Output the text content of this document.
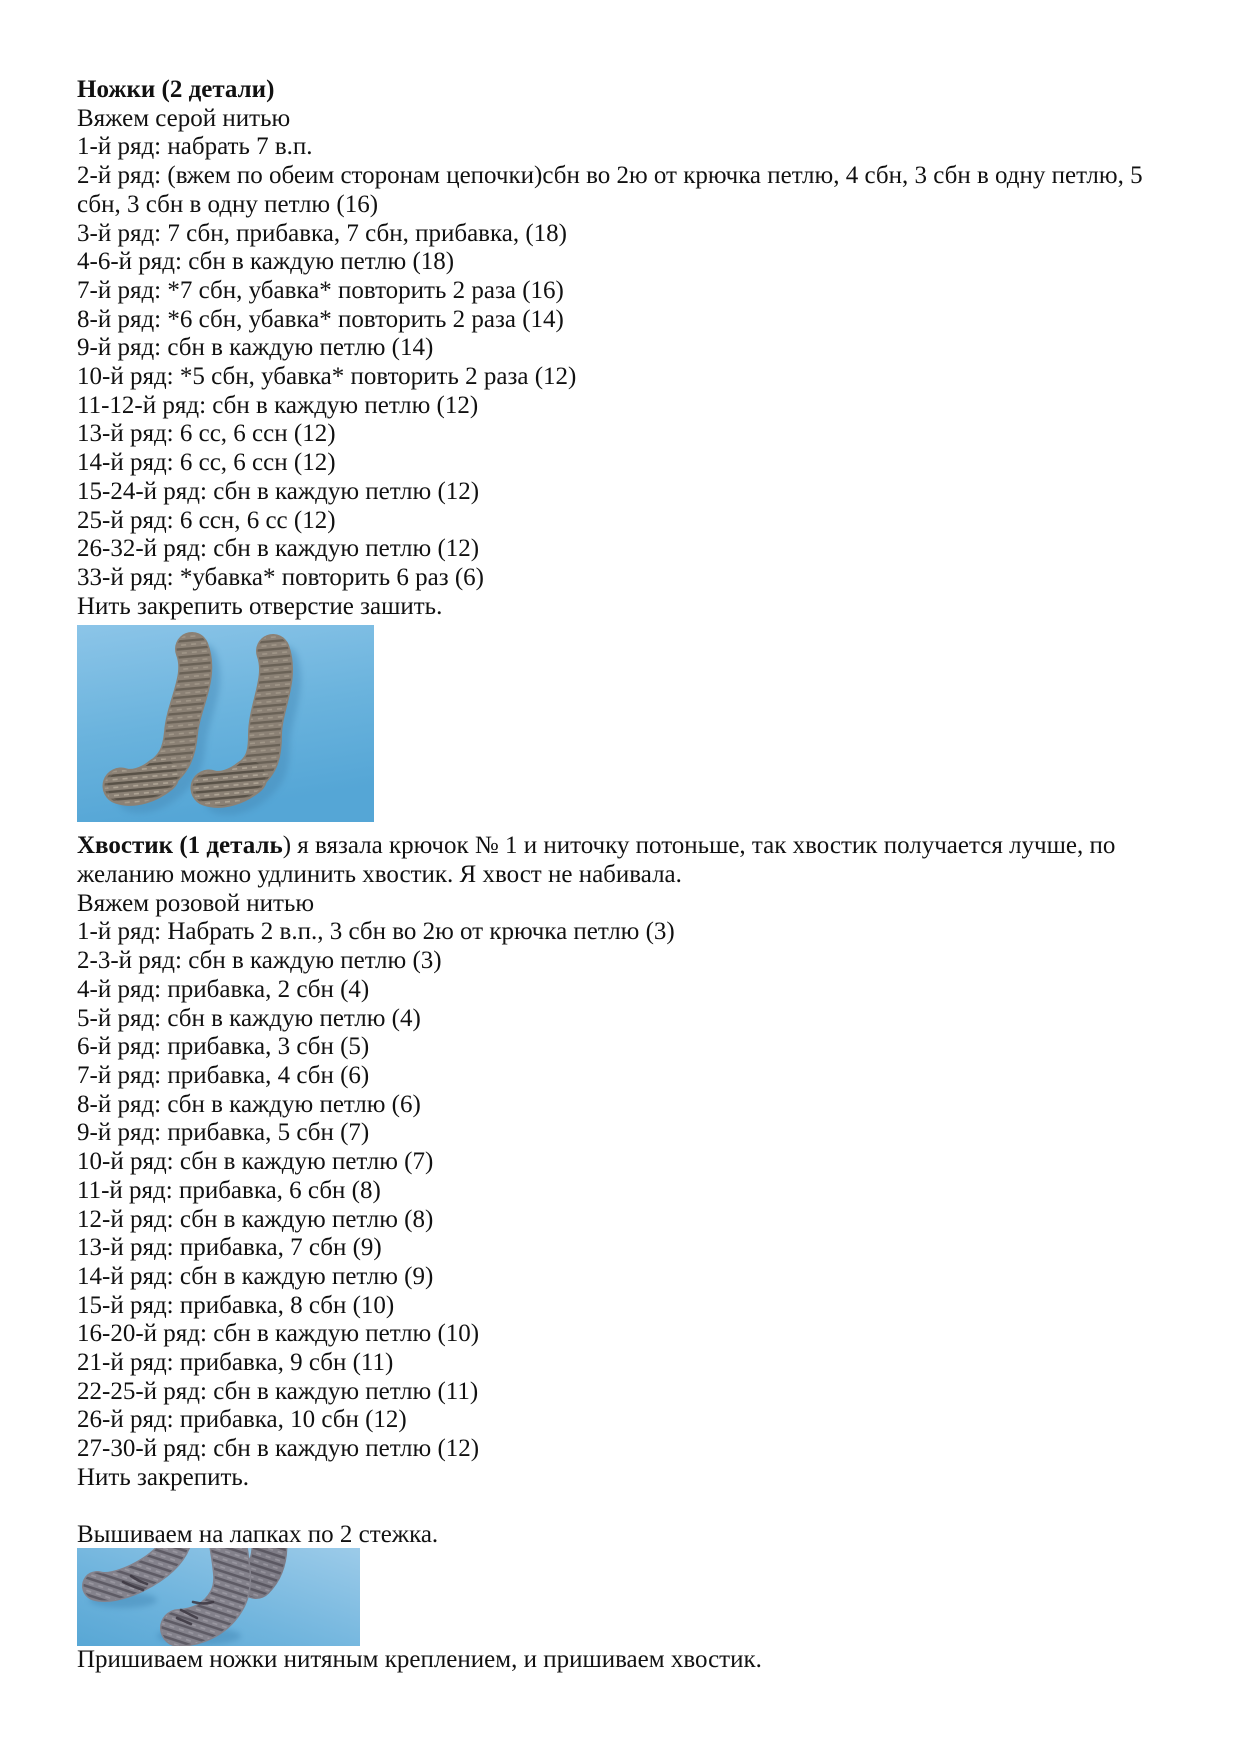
Ножки (2 детали)
Вяжем серой нитью
1-й ряд: набрать 7 в.п.
2-й ряд: (вжем по обеим сторонам цепочки)сбн во 2ю от крючка петлю, 4 сбн, 3 сбн в одну петлю, 5
сбн, 3 сбн в одну петлю (16)
3-й ряд: 7 сбн, прибавка, 7 сбн, прибавка, (18)
4-6-й ряд: сбн в каждую петлю (18)
7-й ряд: *7 сбн, убавка* повторить 2 раза (16)
8-й ряд: *6 сбн, убавка* повторить 2 раза (14)
9-й ряд: сбн в каждую петлю (14)
10-й ряд: *5 сбн, убавка* повторить 2 раза (12)
11-12-й ряд: сбн в каждую петлю (12)
13-й ряд: 6 сс, 6 ссн (12)
14-й ряд: 6 сс, 6 ссн (12)
15-24-й ряд: сбн в каждую петлю (12)
25-й ряд: 6 ссн, 6 сс (12)
26-32-й ряд: сбн в каждую петлю (12)
33-й ряд: *убавка* повторить 6 раз (6)
Нить закрепить отверстие зашить.
Хвостик (1 деталь) я вязала крючок № 1 и ниточку потоньше, так хвостик получается лучше, по
желанию можно удлинить хвостик. Я хвост не набивала.
Вяжем розовой нитью
1-й ряд: Набрать 2 в.п., 3 сбн во 2ю от крючка петлю (3)
2-3-й ряд: сбн в каждую петлю (3)
4-й ряд: прибавка, 2 сбн (4)
5-й ряд: сбн в каждую петлю (4)
6-й ряд: прибавка, 3 сбн (5)
7-й ряд: прибавка, 4 сбн (6)
8-й ряд: сбн в каждую петлю (6)
9-й ряд: прибавка, 5 сбн (7)
10-й ряд: сбн в каждую петлю (7)
11-й ряд: прибавка, 6 сбн (8)
12-й ряд: сбн в каждую петлю (8)
13-й ряд: прибавка, 7 сбн (9)
14-й ряд: сбн в каждую петлю (9)
15-й ряд: прибавка, 8 сбн (10)
16-20-й ряд: сбн в каждую петлю (10)
21-й ряд: прибавка, 9 сбн (11)
22-25-й ряд: сбн в каждую петлю (11)
26-й ряд: прибавка, 10 сбн (12)
27-30-й ряд: сбн в каждую петлю (12)
Нить закрепить.
Вышиваем на лапках по 2 стежка.
Пришиваем ножки нитяным креплением, и пришиваем хвостик.
